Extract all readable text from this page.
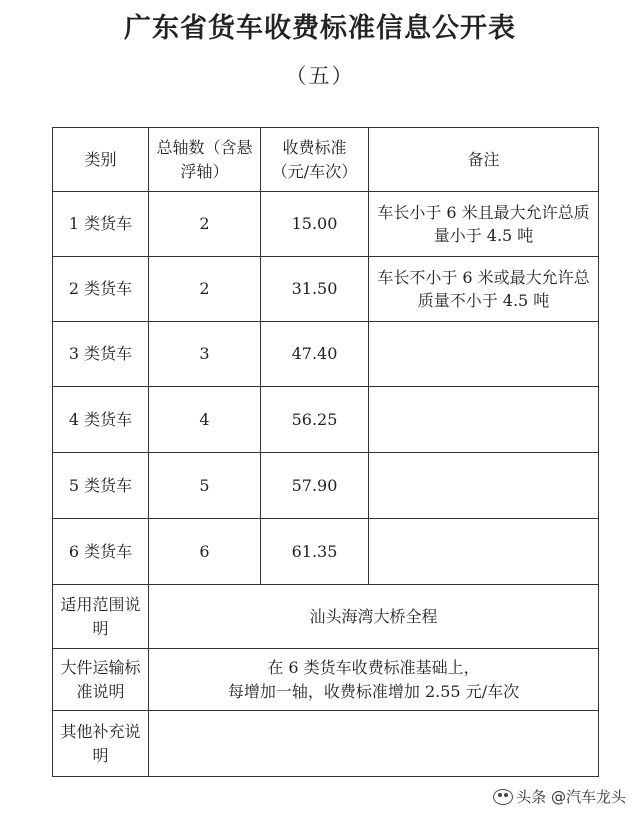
广东省货车收费标准信息公开表
（五）
类别	总轴数（含悬浮轴）	收费标准（元/车次）	备注
1 类货车	2	15.00	车长小于 6 米且最大允许总质量小于 4.5 吨
2 类货车	2	31.50	车长不小于 6 米或最大允许总质量不小于 4.5 吨
3 类货车	3	47.40	
4 类货车	4	56.25	
5 类货车	5	57.90	
6 类货车	6	61.35	
适用范围说明	汕头海湾大桥全程		
大件运输标准说明	在 6 类货车收费标准基础上，
每增加一轴，收费标准增加 2.55 元/车次		

其他补充说明			
头条 @汽车龙头
